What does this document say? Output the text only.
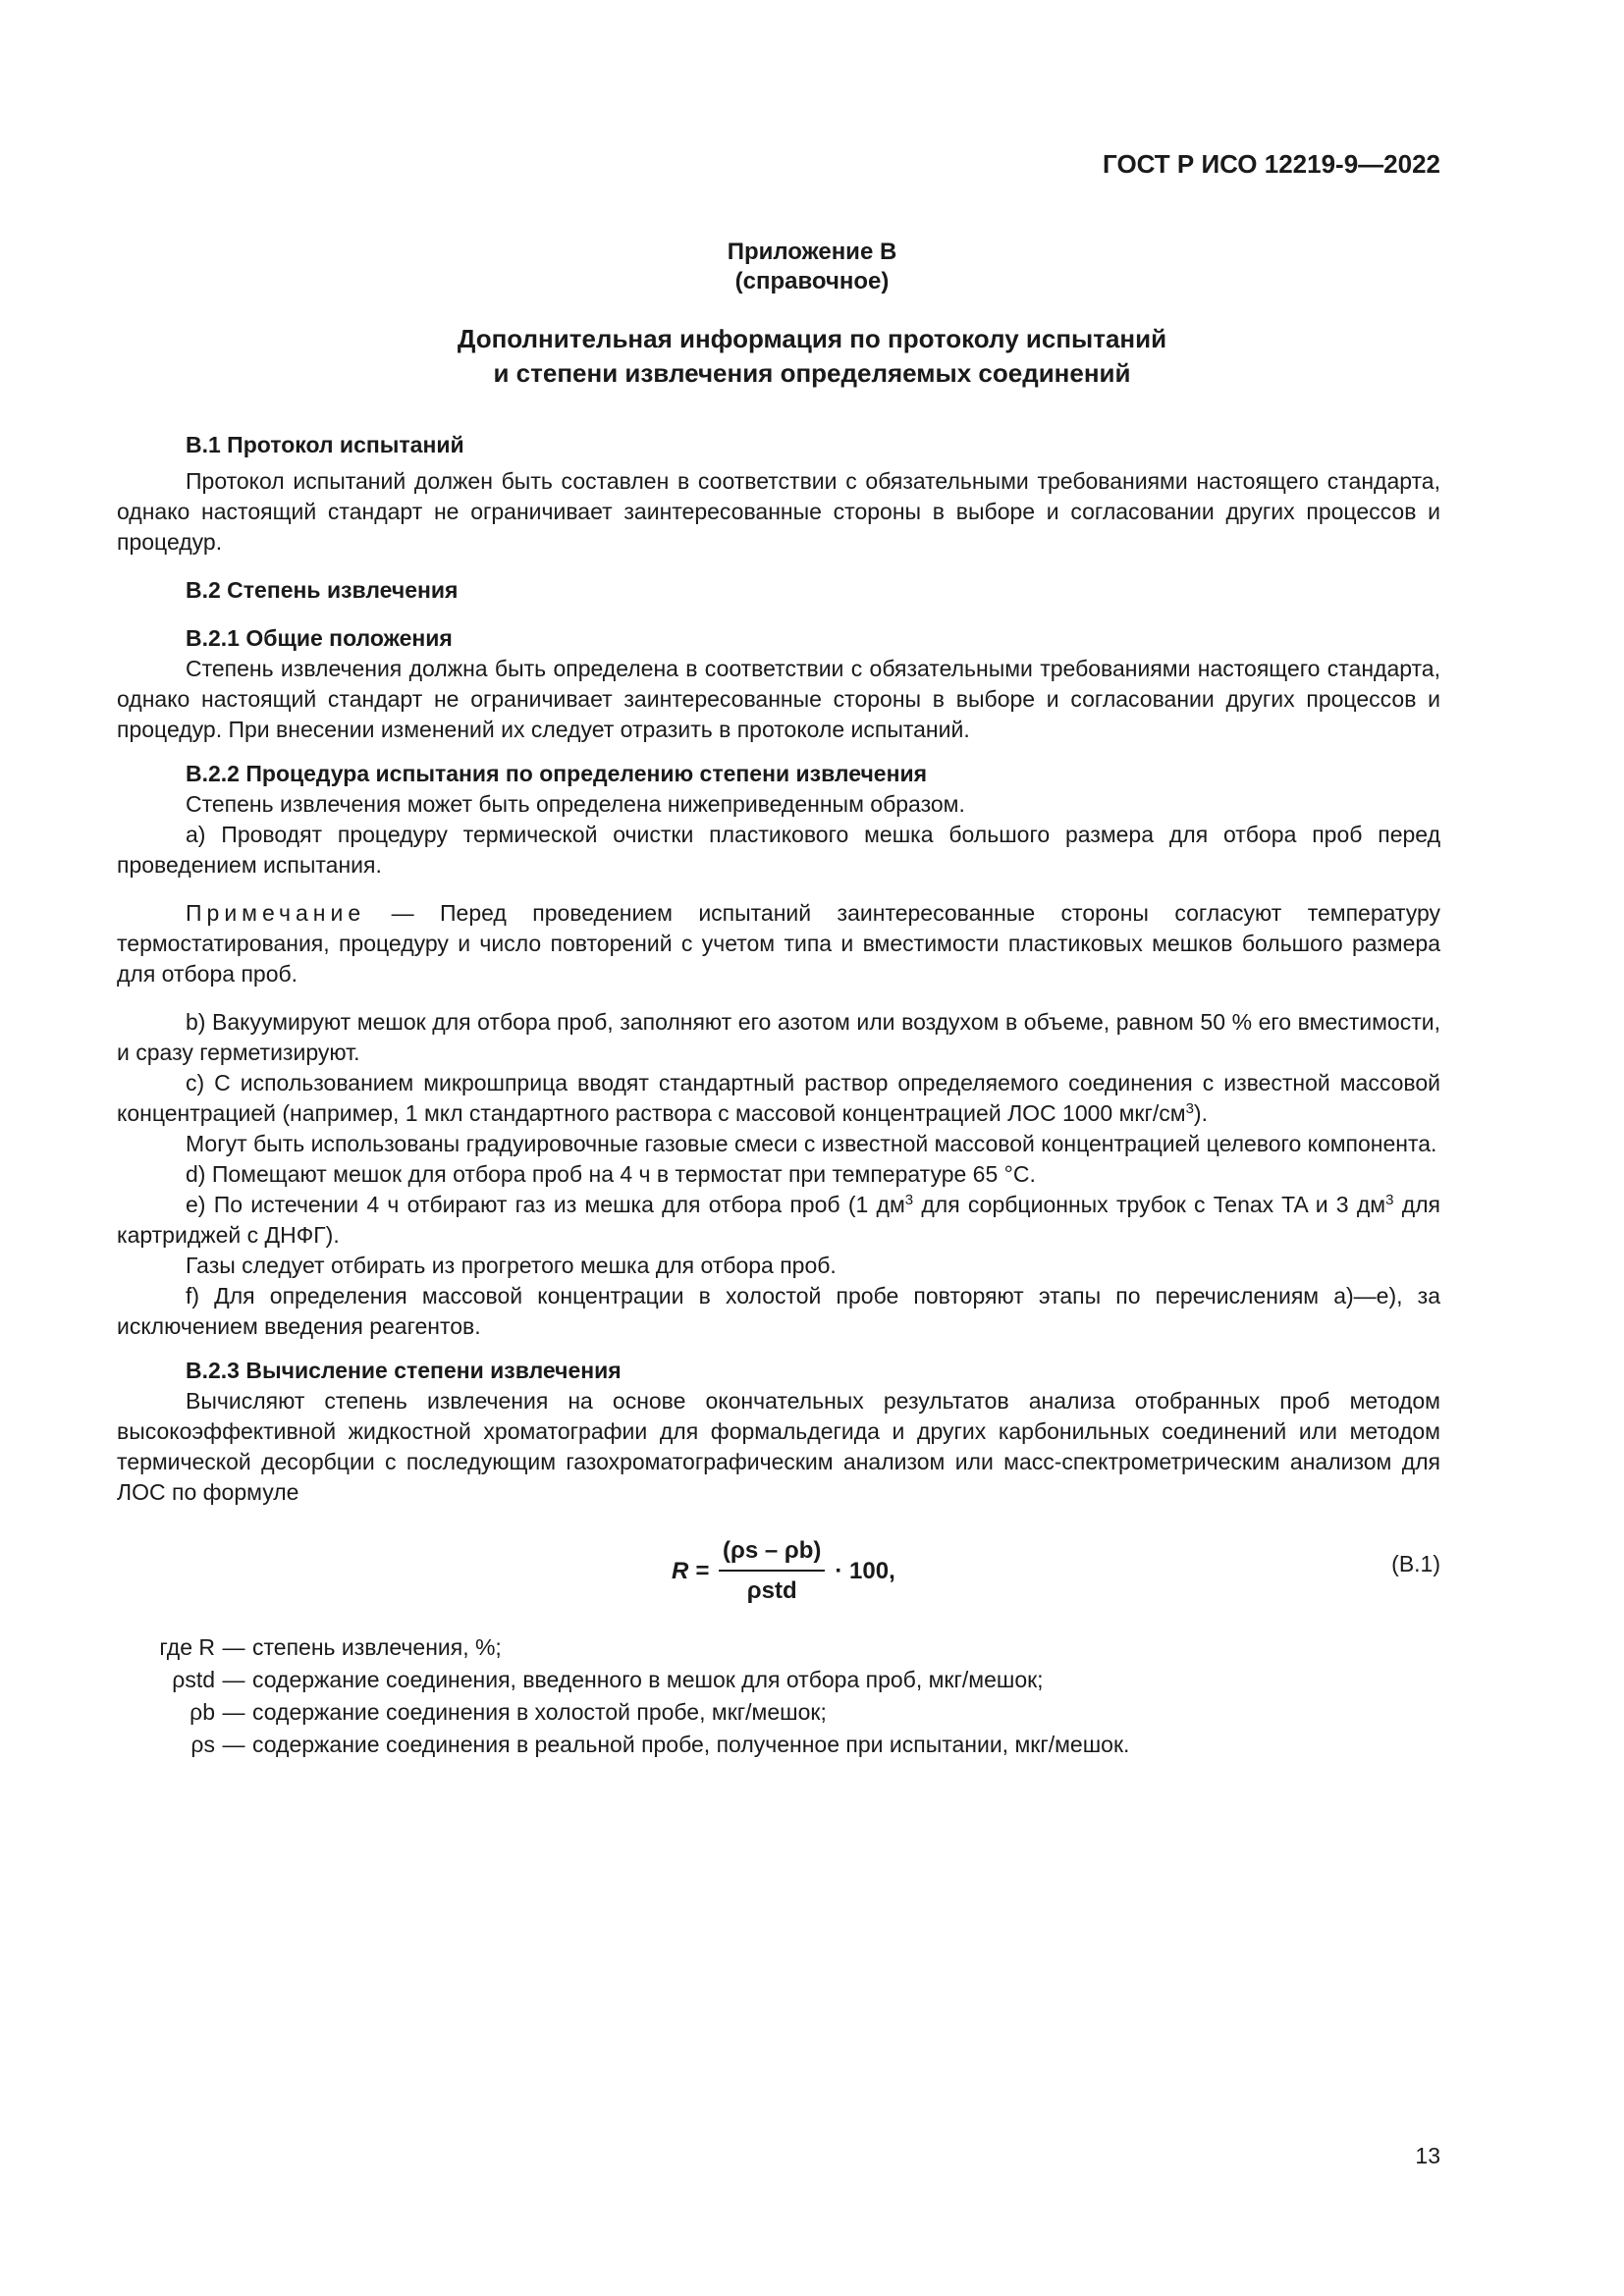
ГОСТ Р ИСО 12219-9—2022
Приложение В
(справочное)
Дополнительная информация по протоколу испытаний
и степени извлечения определяемых соединений
В.1 Протокол испытаний
Протокол испытаний должен быть составлен в соответствии с обязательными требованиями настоящего стандарта, однако настоящий стандарт не ограничивает заинтересованные стороны в выборе и согласовании других процессов и процедур.
В.2 Степень извлечения
В.2.1 Общие положения
Степень извлечения должна быть определена в соответствии с обязательными требованиями настоящего стандарта, однако настоящий стандарт не ограничивает заинтересованные стороны в выборе и согласовании других процессов и процедур. При внесении изменений их следует отразить в протоколе испытаний.
В.2.2 Процедура испытания по определению степени извлечения
Степень извлечения может быть определена нижеприведенным образом.
а) Проводят процедуру термической очистки пластикового мешка большого размера для отбора проб перед проведением испытания.
Примечание — Перед проведением испытаний заинтересованные стороны согласуют температуру термостатирования, процедуру и число повторений с учетом типа и вместимости пластиковых мешков большого размера для отбора проб.
b) Вакуумируют мешок для отбора проб, заполняют его азотом или воздухом в объеме, равном 50 % его вместимости, и сразу герметизируют.
с) С использованием микрошприца вводят стандартный раствор определяемого соединения с известной массовой концентрацией (например, 1 мкл стандартного раствора с массовой концентрацией ЛОС 1000 мкг/$см^3$).
Могут быть использованы градуировочные газовые смеси с известной массовой концентрацией целевого компонента.
d) Помещают мешок для отбора проб на 4 ч в термостат при температуре 65 °С.
е) По истечении 4 ч отбирают газ из мешка для отбора проб (1 $дм^3$ для сорбционных трубок с Tenax TA и 3 $дм^3$ для картриджей с ДНФГ).
Газы следует отбирать из прогретого мешка для отбора проб.
f) Для определения массовой концентрации в холостой пробе повторяют этапы по перечислениям а)—е), за исключением введения реагентов.
В.2.3 Вычисление степени извлечения
Вычисляют степень извлечения на основе окончательных результатов анализа отобранных проб методом высокоэффективной жидкостной хроматографии для формальдегида и других карбонильных соединений или методом термической десорбции с последующим газохроматографическим анализом или масс-спектрометрическим анализом для ЛОС по формуле
$R = \frac{(\rho s - \rho b)}{\text{ρstd}} \cdot 100$,	(В.1)
где R — степень извлечения, %;
ρstd — содержание соединения, введенного в мешок для отбора проб, мкг/мешок;
ρb — содержание соединения в холостой пробе, мкг/мешок;
ρs — содержание соединения в реальной пробе, полученное при испытании, мкг/мешок.
13
